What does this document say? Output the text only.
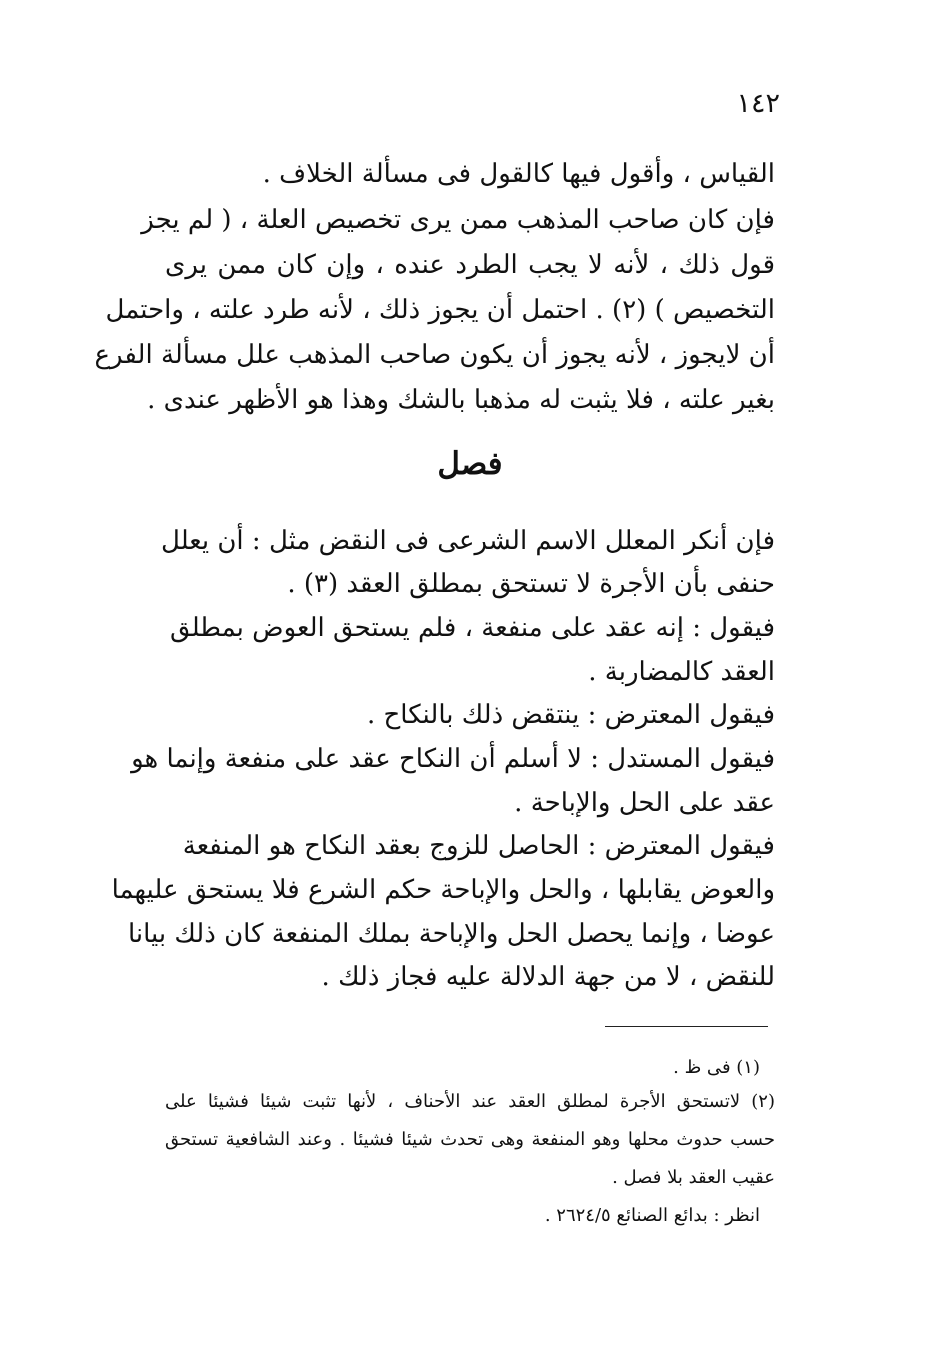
١٤٢
القياس ، وأقول فيها كالقول فى مسألة الخلاف .
فإن كان صاحب المذهب ممن يرى تخصيص العلة ، ( لم يجز
قول ذلك ، لأنه لا يجب الطرد عنده ، وإن كان ممن يرى
التخصيص ) (٢) . احتمل أن يجوز ذلك ، لأنه طرد علته ، واحتمل
أن لايجوز ، لأنه يجوز أن يكون صاحب المذهب علل مسألة الفرع
بغير علته ، فلا يثبت له مذهبا بالشك وهذا هو الأظهر عندى .
فصل
فإن أنكر المعلل الاسم الشرعى فى النقض مثل : أن يعلل
حنفى بأن الأجرة لا تستحق بمطلق العقد (٣) .
فيقول : إنه عقد على منفعة ، فلم يستحق العوض بمطلق
العقد كالمضاربة .
فيقول المعترض : ينتقض ذلك بالنكاح .
فيقول المستدل : لا أسلم أن النكاح عقد على منفعة وإنما هو
عقد على الحل والإباحة .
فيقول المعترض : الحاصل للزوج بعقد النكاح هو المنفعة
والعوض يقابلها ، والحل والإباحة حكم الشرع فلا يستحق عليهما
عوضا ، وإنما يحصل الحل والإباحة بملك المنفعة كان ذلك بيانا
للنقض ، لا من جهة الدلالة عليه فجاز ذلك .
(١) فى ظ .
(٢) لاتستحق الأجرة لمطلق العقد عند الأحناف ، لأنها تثبت شيئا فشيئا على
حسب حدوث محلها وهو المنفعة وهى تحدث شيئا فشيئا . وعند الشافعية تستحق
عقيب العقد بلا فصل .
انظر : بدائع الصنائع ٢٦٢٤/٥ .
